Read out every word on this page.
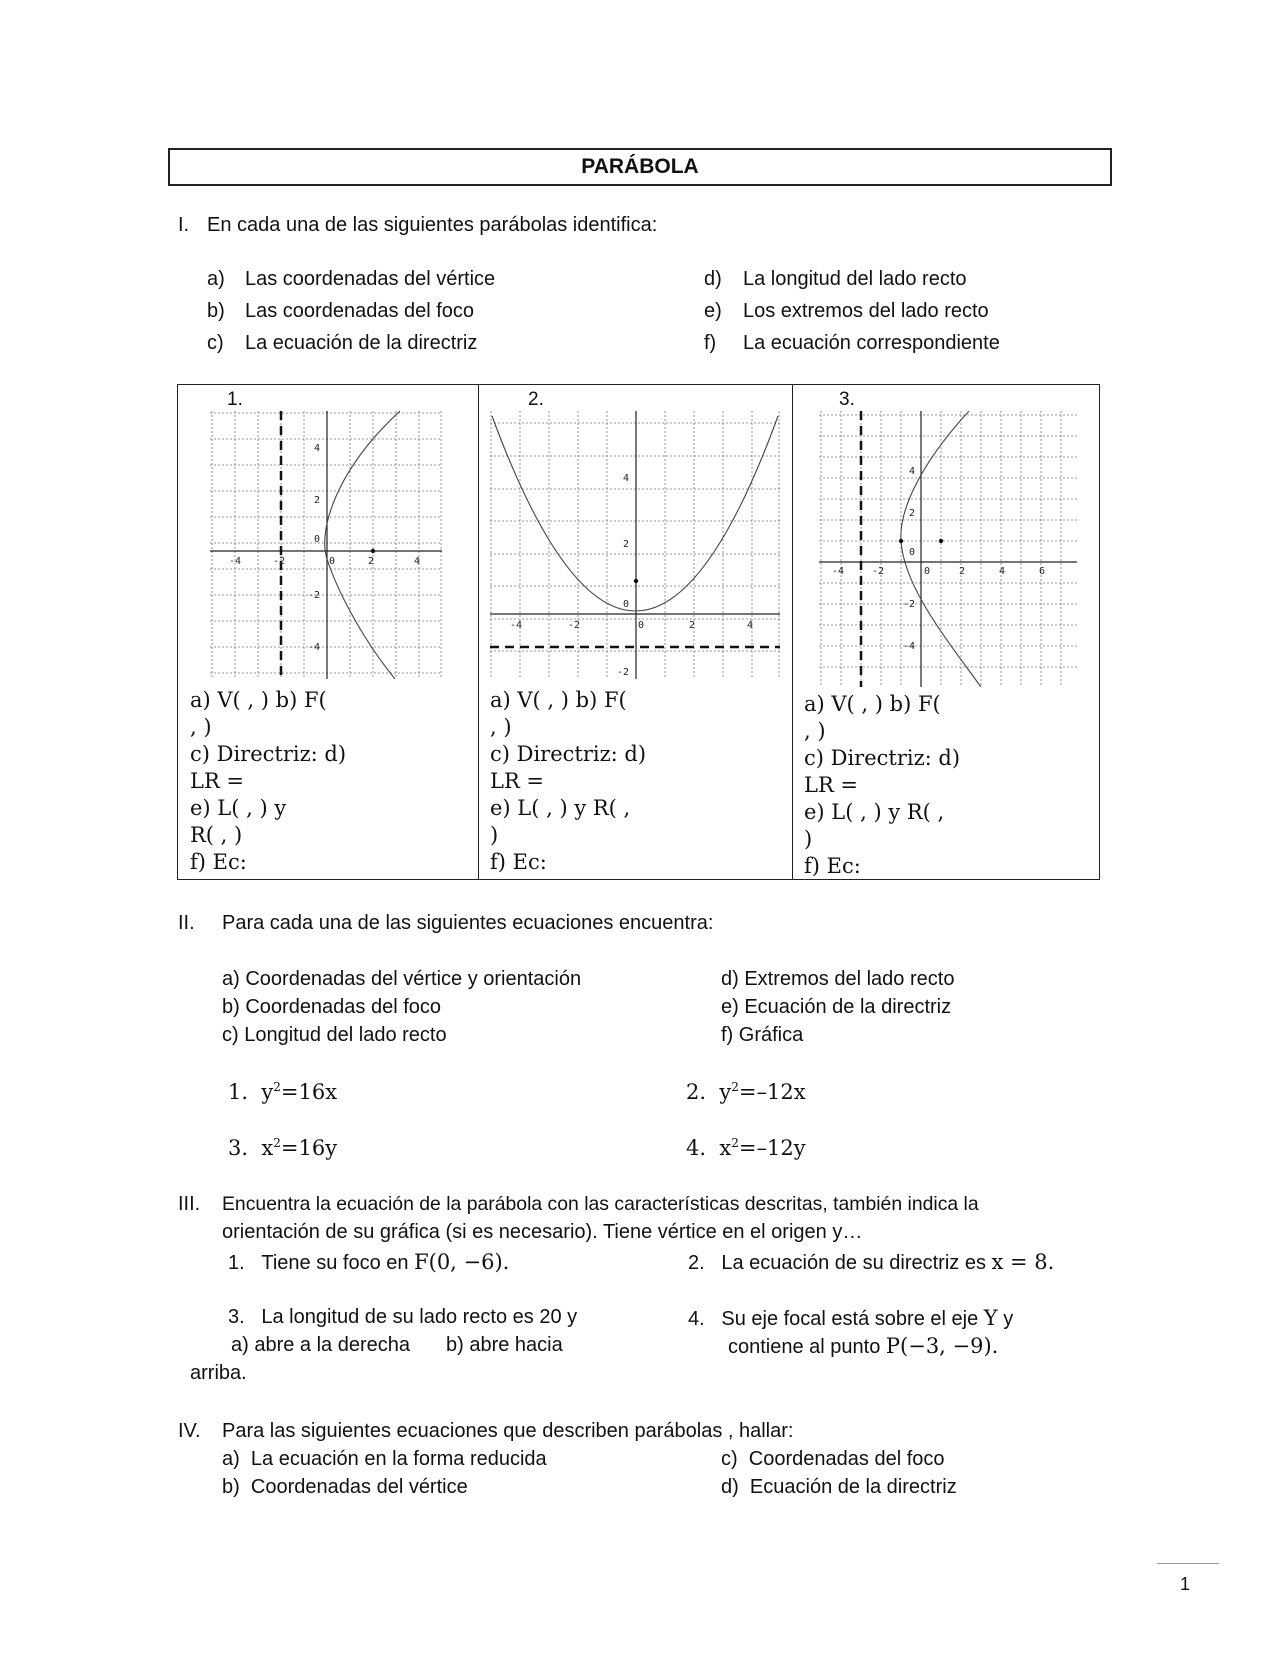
PARÁBOLA
I. En cada una de las siguientes parábolas identifica:
a) Las coordenadas del vértice
b) Las coordenadas del foco
c) La ecuación de la directriz
d) La longitud del lado recto
e) Los extremos del lado recto
f) La ecuación correspondiente
1.
-4	-2	0	2	4
4
2
0
-2
-4
a) V( , ) b) F(
, )
c) Directriz: d)
LR =
e) L( , ) y
R( , )
f) Ec:
2.
-4	-2	0	2	4
4
2
0
-2
a) V( , ) b) F(
, )
c) Directriz: d)
LR =
e) L( , ) y R( ,
)
f) Ec:
3.
-4	-2	0	2	4	6
4
2
0
-2
-4
a) V( , ) b) F(
, )
c) Directriz: d)
LR =
e) L( , ) y R( ,
)
f) Ec:
II. Para cada una de las siguientes ecuaciones encuentra:
a) Coordenadas del vértice y orientación
b) Coordenadas del foco
c) Longitud del lado recto
d) Extremos del lado recto
e) Ecuación de la directriz
f) Gráfica
1. $y^2=16x$	2. $y^2=-12x$
3. $x^2=16y$	4. $x^2=-12y$
III. Encuentra la ecuación de la parábola con las características descritas, también indica la
orientación de su gráfica (si es necesario). Tiene vértice en el origen y…
1. Tiene su foco en F(0, −6).	2. La ecuación de su directriz es x = 8.
3. La longitud de su lado recto es 20 y
a) abre a la derecha b) abre hacia
arriba.
4. Su eje focal está sobre el eje Y y
contiene al punto P(−3, −9).
IV. Para las siguientes ecuaciones que describen parábolas , hallar:
a) La ecuación en la forma reducida
b) Coordenadas del vértice
c) Coordenadas del foco
d) Ecuación de la directriz
1
